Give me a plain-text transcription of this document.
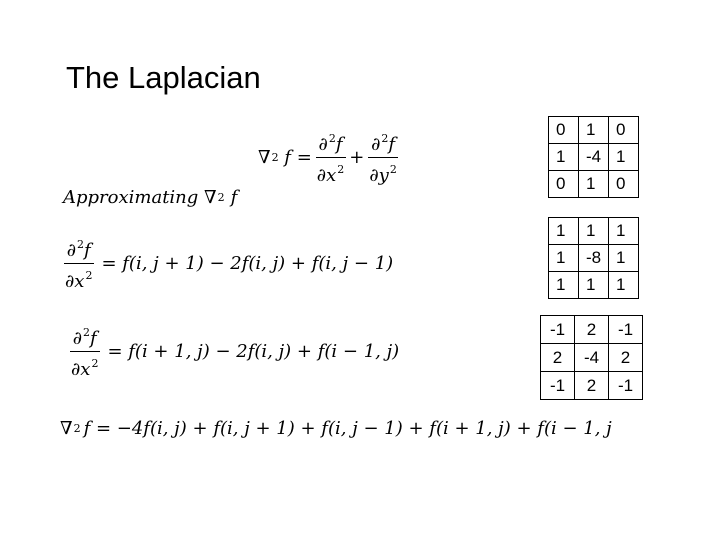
The Laplacian
∇ 2 $f = \frac{\partial^2f}{\partial x^2} + \frac{\partial^2f}{\partial y^2}$
Approximating ∇ 2 f
$\frac{\partial^2f}{\partial x^2} = f(i$, j + 1) − 2f(i, j) + f(i, j − 1)
$\frac{\partial^2f}{\partial x^2} = f(i + 1$, j) − 2f(i, j) + f(i − 1, j)
∇ 2 f = −4f(i, j) + f(i, j + 1) + f(i, j − 1) + f(i + 1, j) + f(i − 1, j
0	1	0
1	-4	1
0	1	0
1	1	1
1	-8	1
1	1	1
-1	2	-1
2	-4	2
-1	2	-1
